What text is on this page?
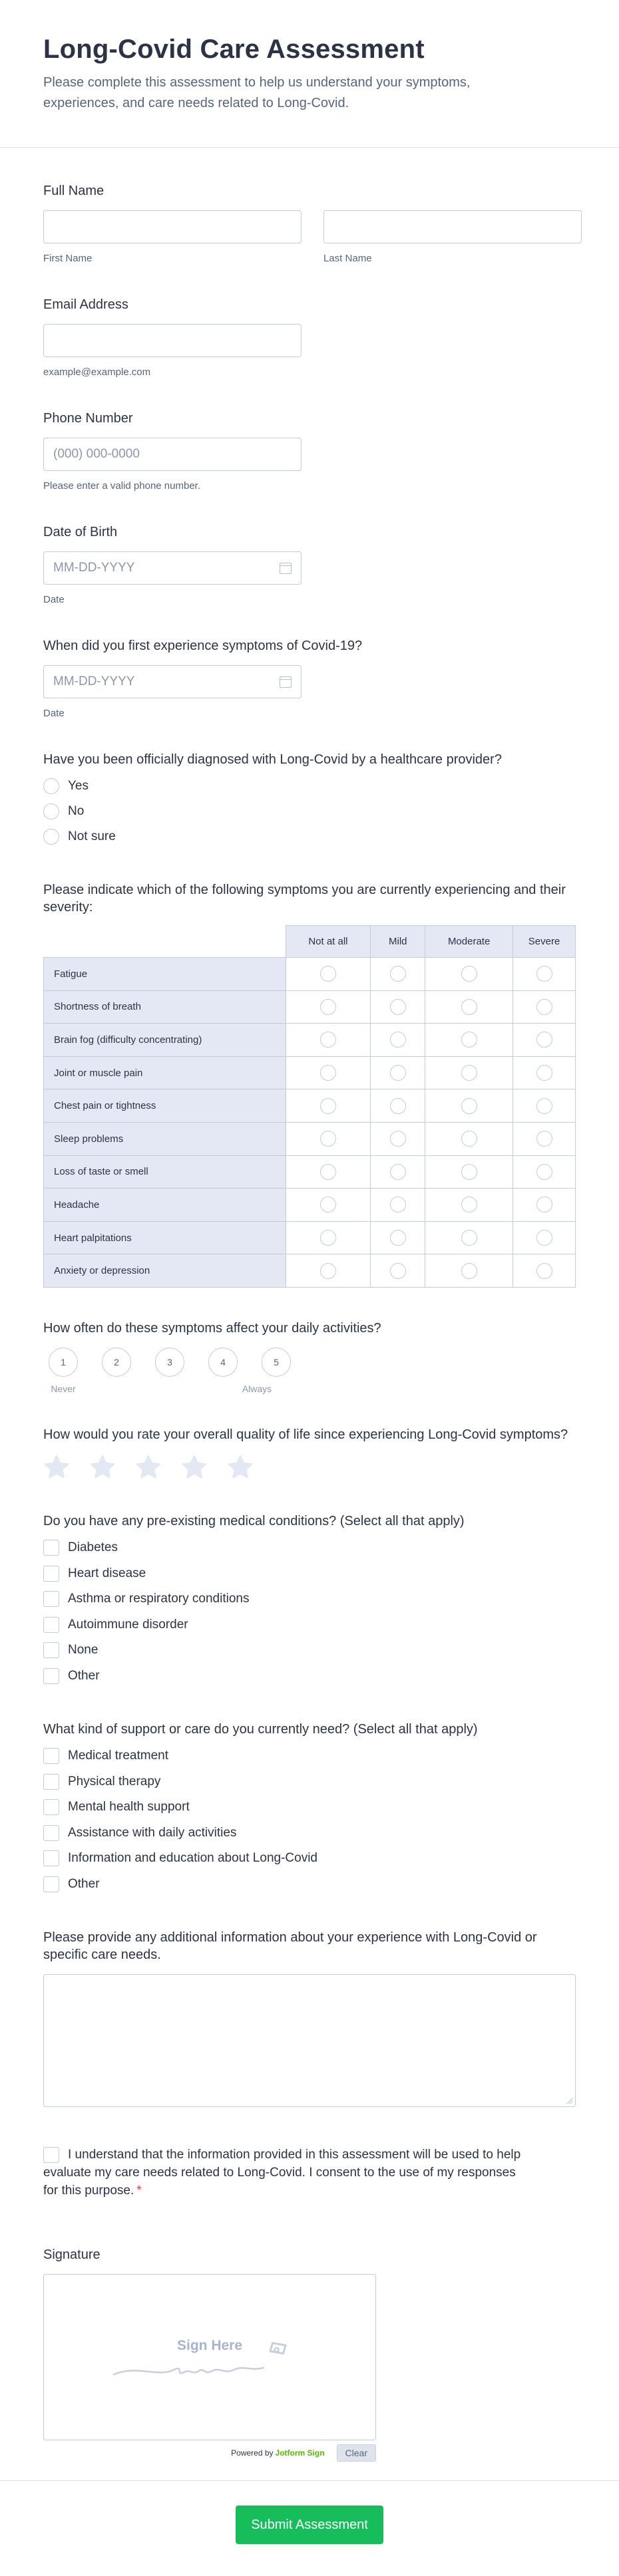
Long-Covid Care Assessment

Please complete this assessment to help us understand your symptoms, experiences, and care needs related to Long-Covid.

Full Name
First Name	Last Name
Email Address
example@example.com
Phone Number
(000) 000-0000
Please enter a valid phone number.
Date of Birth
MM-DD-YYYY
Date
When did you first experience symptoms of Covid-19?
MM-DD-YYYY
Date
Have you been officially diagnosed with Long-Covid by a healthcare provider?
Yes
No
Not sure
Please indicate which of the following symptoms you are currently experiencing and their severity:
	Not at all	Mild	Moderate	Severe
Fatigue				
Shortness of breath				
Brain fog (difficulty concentrating)				
Joint or muscle pain				
Chest pain or tightness				
Sleep problems				
Loss of taste or smell				
Headache				
Heart palpitations				
Anxiety or depression				
How often do these symptoms affect your daily activities?
1	2	3	4	5
Never	Always
How would you rate your overall quality of life since experiencing Long-Covid symptoms?
Do you have any pre-existing medical conditions? (Select all that apply)
Diabetes
Heart disease
Asthma or respiratory conditions
Autoimmune disorder
None
Other
What kind of support or care do you currently need? (Select all that apply)
Medical treatment
Physical therapy
Mental health support
Assistance with daily activities
Information and education about Long-Covid
Other
Please provide any additional information about your experience with Long-Covid or specific care needs.
I understand that the information provided in this assessment will be used to help evaluate my care needs related to Long-Covid. I consent to the use of my responses for this purpose. *
Signature
Sign Here
Powered by Jotform Sign	Clear
Submit Assessment
